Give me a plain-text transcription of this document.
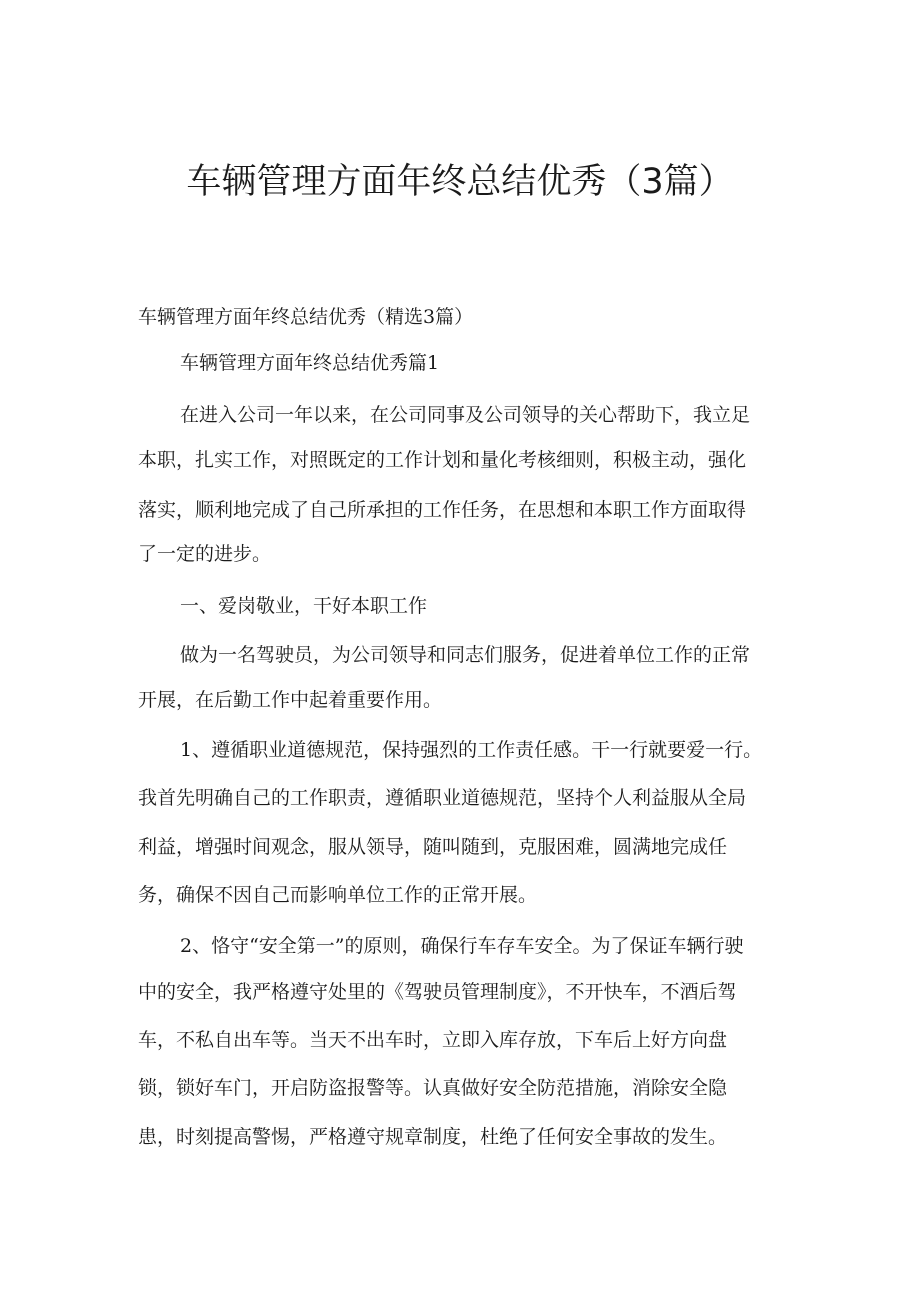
车辆管理方面年终总结优秀（3篇）
车辆管理方面年终总结优秀（精选3篇）
车辆管理方面年终总结优秀篇1
在进入公司一年以来，在公司同事及公司领导的关心帮助下，我立足
本职，扎实工作，对照既定的工作计划和量化考核细则，积极主动，强化
落实，顺利地完成了自己所承担的工作任务，在思想和本职工作方面取得
了一定的进步。
一、爱岗敬业，干好本职工作
做为一名驾驶员，为公司领导和同志们服务，促进着单位工作的正常
开展，在后勤工作中起着重要作用。
1、遵循职业道德规范，保持强烈的工作责任感。干一行就要爱一行。
我首先明确自己的工作职责，遵循职业道德规范，坚持个人利益服从全局
利益，增强时间观念，服从领导，随叫随到，克服困难，圆满地完成任
务，确保不因自己而影响单位工作的正常开展。
2、恪守“安全第一”的原则，确保行车存车安全。为了保证车辆行驶
中的安全，我严格遵守处里的《驾驶员管理制度》，不开快车，不酒后驾
车，不私自出车等。当天不出车时，立即入库存放，下车后上好方向盘
锁，锁好车门，开启防盗报警等。认真做好安全防范措施，消除安全隐
患，时刻提高警惕，严格遵守规章制度，杜绝了任何安全事故的发生。
